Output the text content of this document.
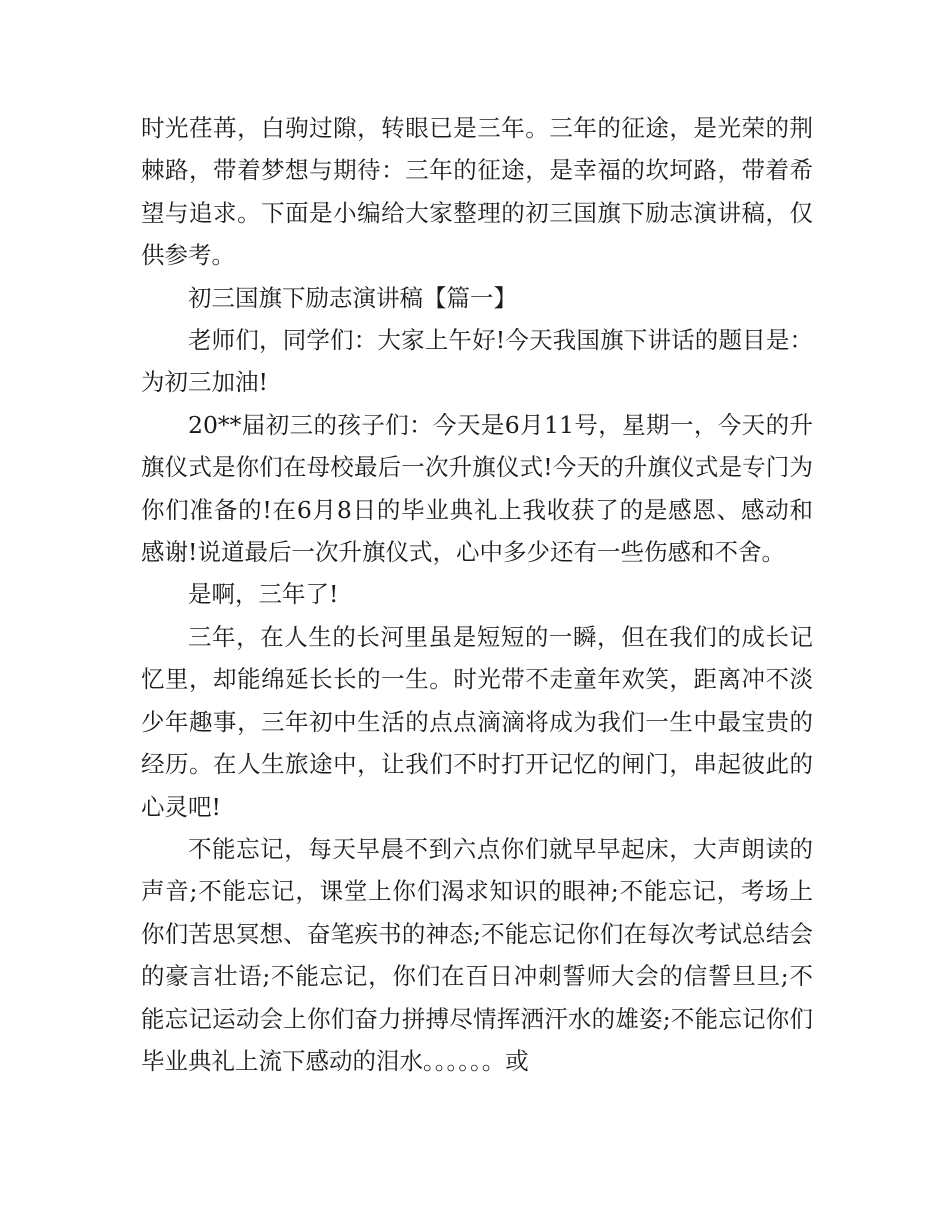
时光荏苒，白驹过隙，转眼已是三年。三年的征途，是光荣的荆棘路，带着梦想与期待：三年的征途，是幸福的坎坷路，带着希望与追求。下面是小编给大家整理的初三国旗下励志演讲稿，仅供参考。

初三国旗下励志演讲稿【篇一】

老师们，同学们：大家上午好!今天我国旗下讲话的题目是：为初三加油!

20**届初三的孩子们：今天是6月11号，星期一，今天的升旗仪式是你们在母校最后一次升旗仪式!今天的升旗仪式是专门为你们准备的!在6月8日的毕业典礼上我收获了的是感恩、感动和感谢!说道最后一次升旗仪式，心中多少还有一些伤感和不舍。

是啊，三年了!

三年，在人生的长河里虽是短短的一瞬，但在我们的成长记忆里，却能绵延长长的一生。时光带不走童年欢笑，距离冲不淡少年趣事，三年初中生活的点点滴滴将成为我们一生中最宝贵的经历。在人生旅途中，让我们不时打开记忆的闸门，串起彼此的心灵吧!

不能忘记，每天早晨不到六点你们就早早起床，大声朗读的声音;不能忘记，课堂上你们渴求知识的眼神;不能忘记，考场上你们苦思冥想、奋笔疾书的神态;不能忘记你们在每次考试总结会的豪言壮语;不能忘记，你们在百日冲刺誓师大会的信誓旦旦;不能忘记运动会上你们奋力拼搏尽情挥洒汗水的雄姿;不能忘记你们毕业典礼上流下感动的泪水。。。。。。或
